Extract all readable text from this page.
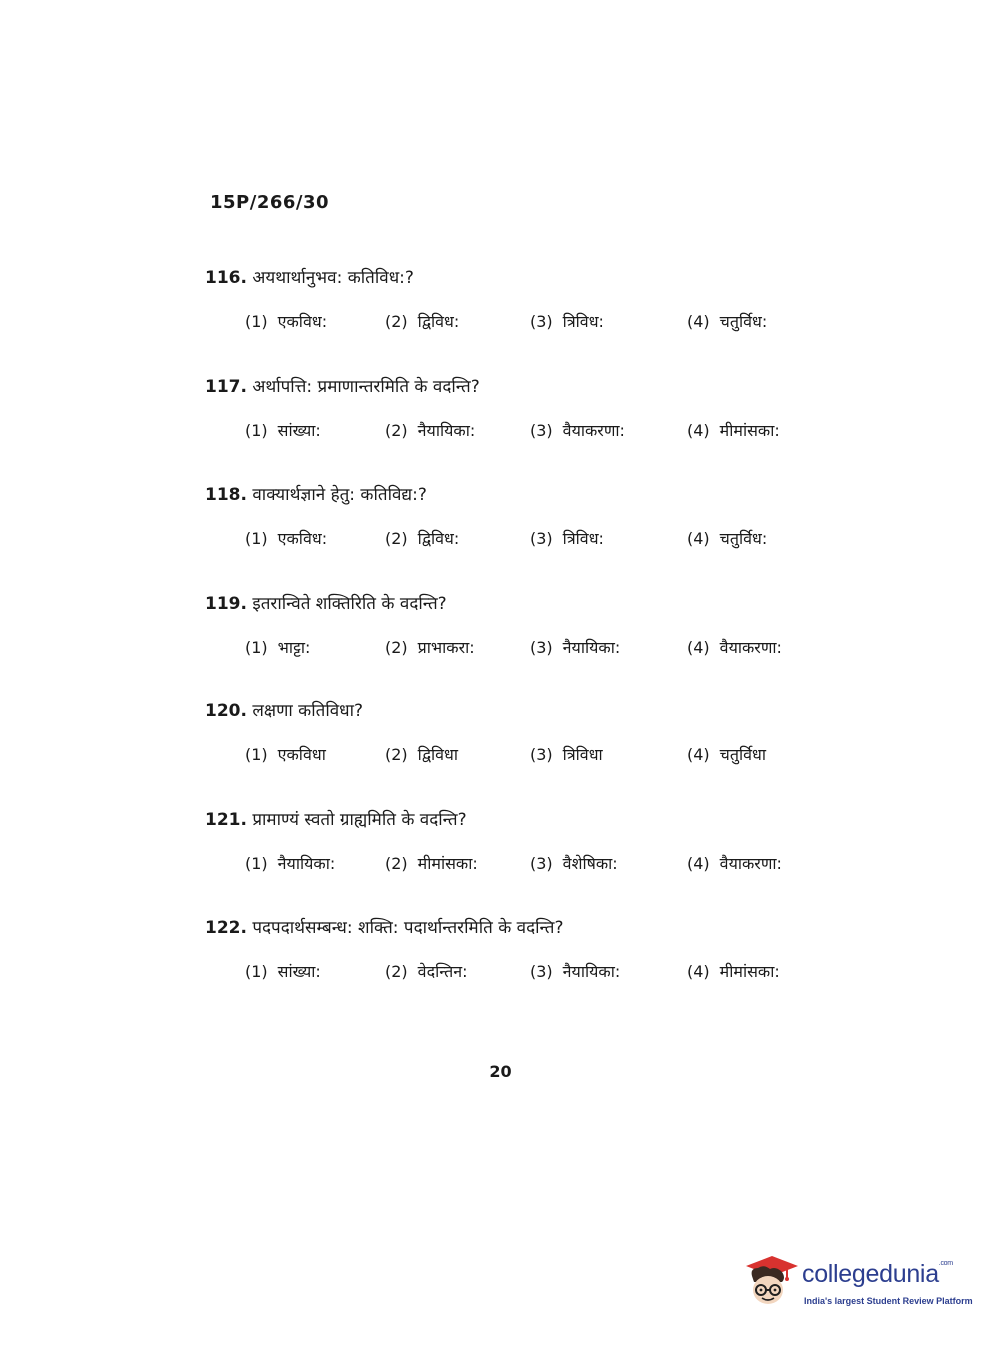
15P/266/30
116. अयथार्थानुभव: कतिविध:?
(1) एकविध:	(2) द्विविध:	(3) त्रिविध:	(4) चतुर्विध:
117. अर्थापत्ति: प्रमाणान्तरमिति के वदन्ति?
(1) सांख्या:	(2) नैयायिका:	(3) वैयाकरणा:	(4) मीमांसका:
118. वाक्यार्थज्ञाने हेतु: कतिविद्य:?
(1) एकविध:	(2) द्विविध:	(3) त्रिविध:	(4) चतुर्विध:
119. इतरान्विते शक्तिरिति के वदन्ति?
(1) भाट्टा:	(2) प्राभाकरा:	(3) नैयायिका:	(4) वैयाकरणा:
120. लक्षणा कतिविधा?
(1) एकविधा	(2) द्विविधा	(3) त्रिविधा	(4) चतुर्विधा
121. प्रामाण्यं स्वतो ग्राह्यमिति के वदन्ति?
(1) नैयायिका:	(2) मीमांसका:	(3) वैशेषिका:	(4) वैयाकरणा:
122. पदपदार्थसम्बन्ध: शक्ति: पदार्थान्तरमिति के वदन्ति?
(1) सांख्या:	(2) वेदन्तिन:	(3) नैयायिका:	(4) मीमांसका:
20
collegedunia$^{.com}$
India's largest Student Review Platform
